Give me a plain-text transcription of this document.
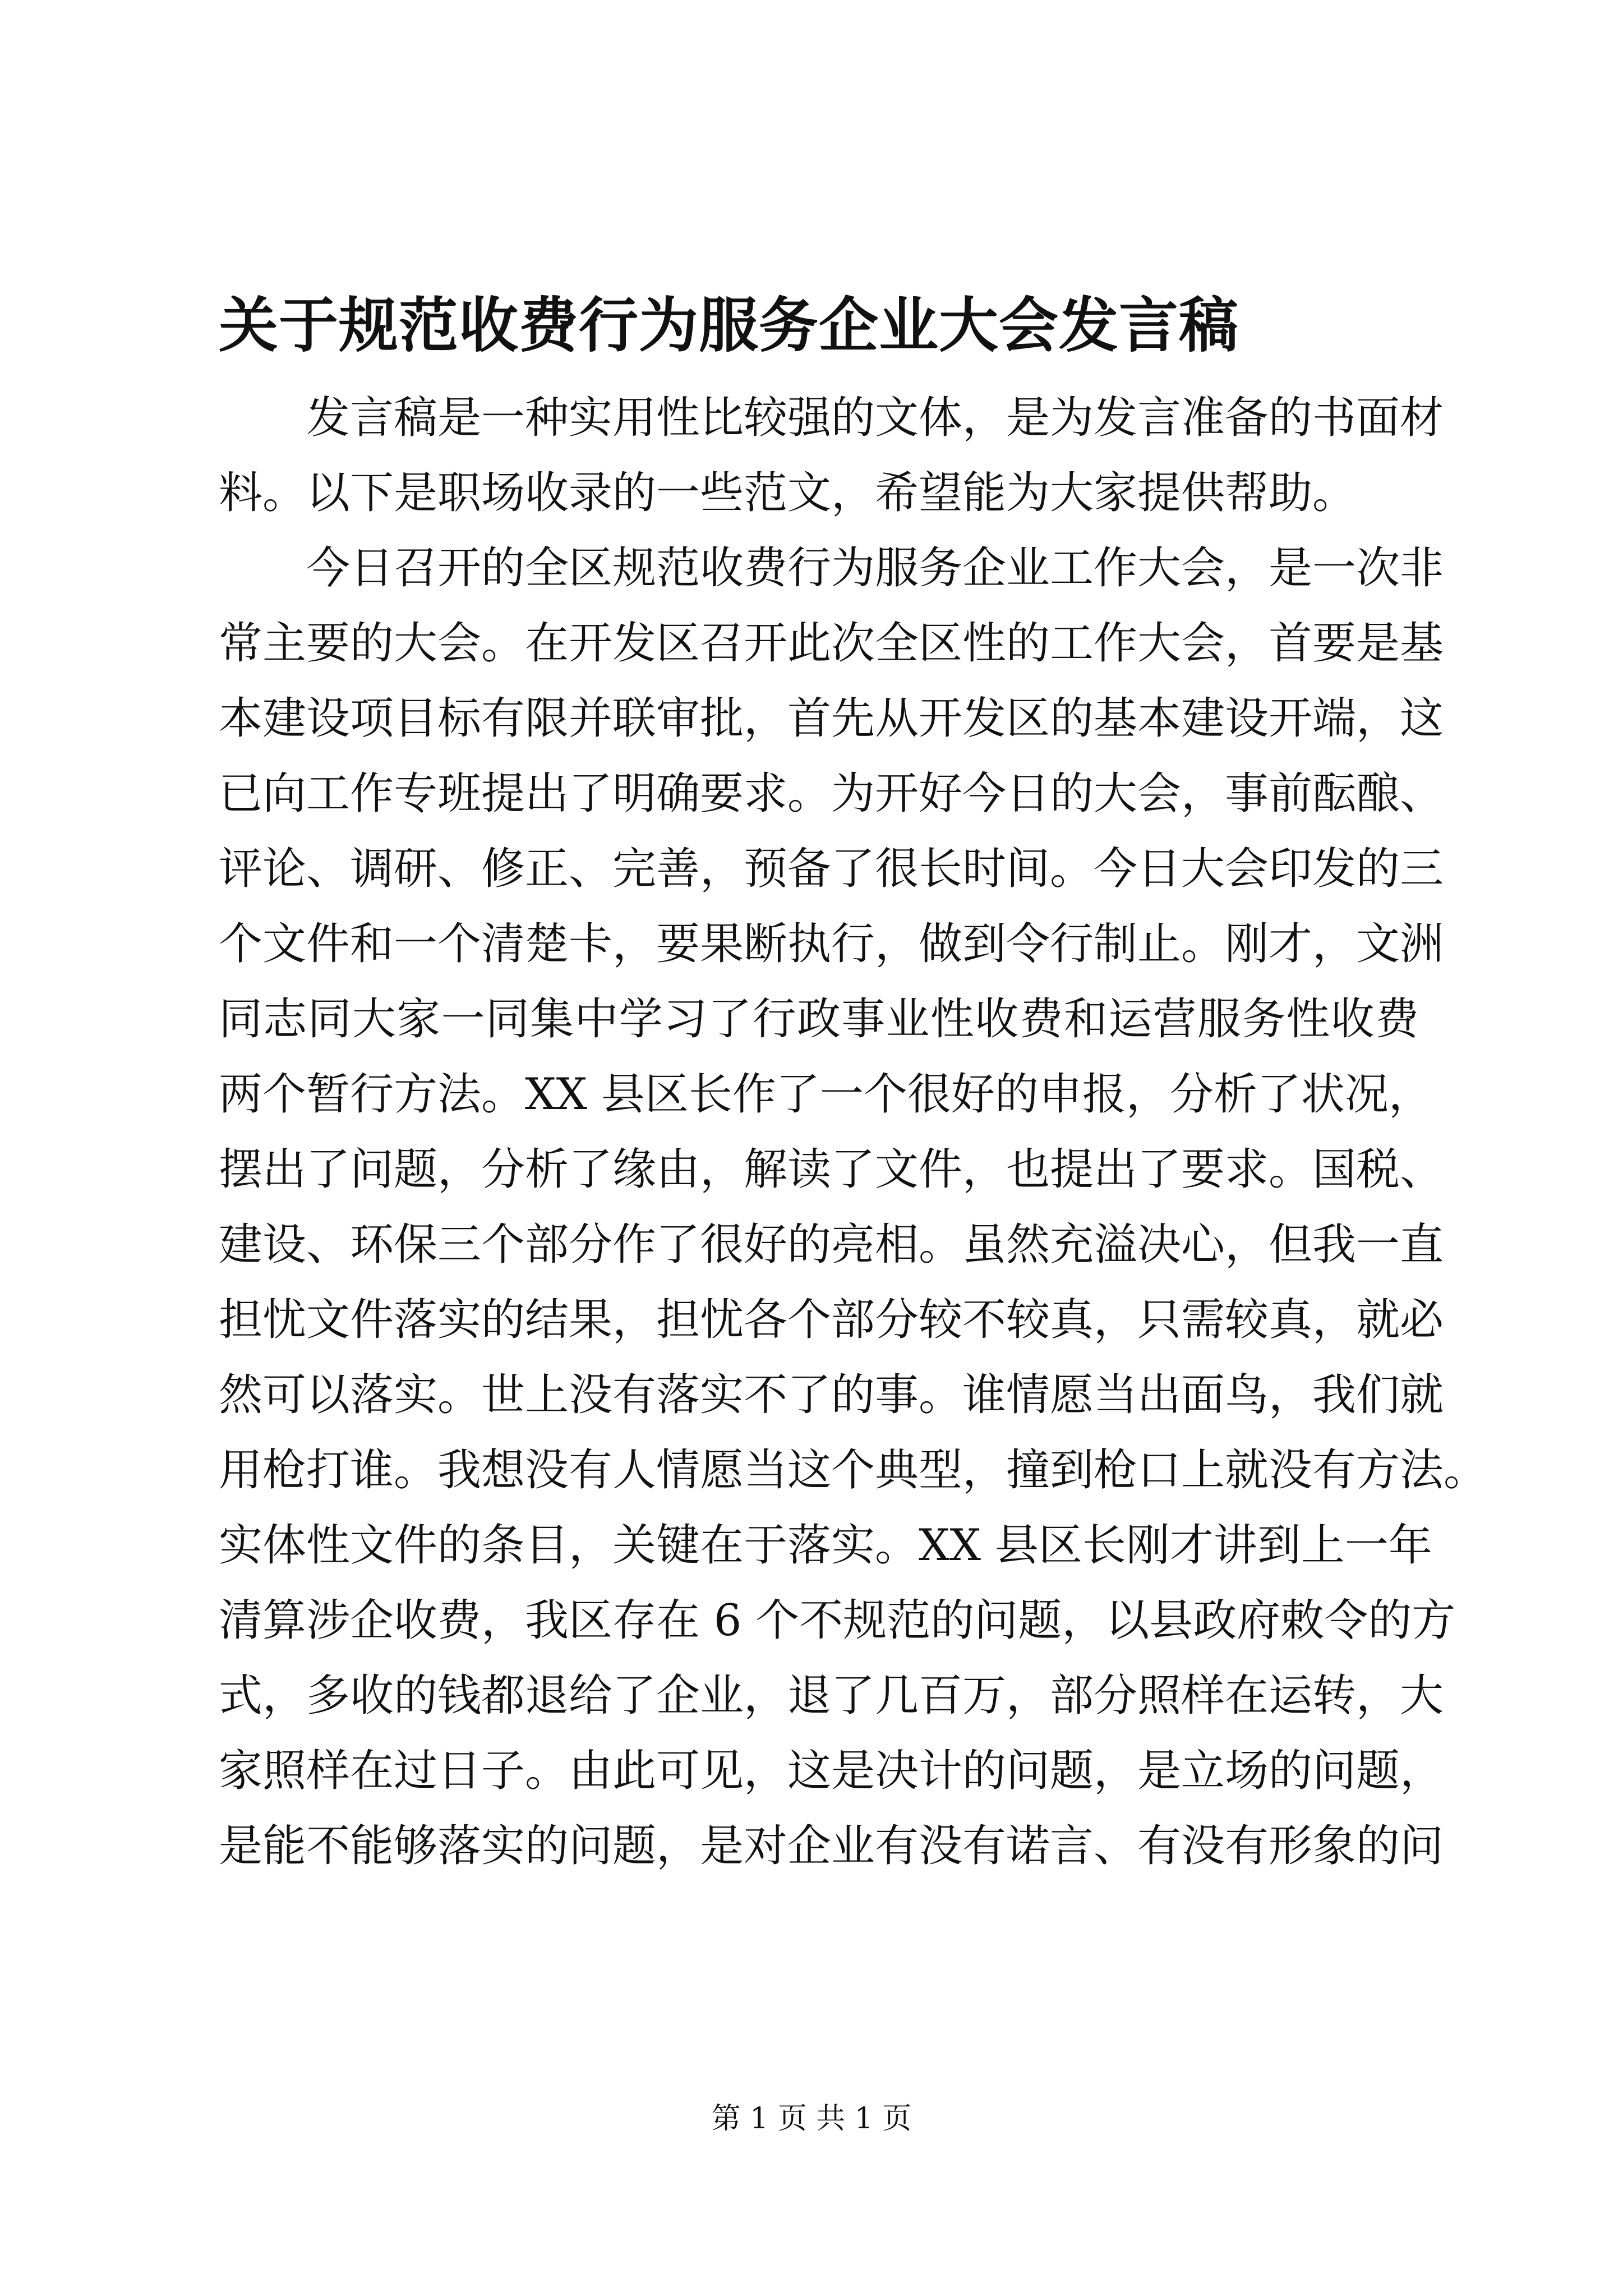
关于规范收费行为服务企业大会发言稿
　　发言稿是一种实用性比较强的文体，是为发言准备的书面材
料。以下是职场收录的一些范文，希望能为大家提供帮助。
　　今日召开的全区规范收费行为服务企业工作大会，是一次非
常主要的大会。在开发区召开此次全区性的工作大会，首要是基
本建设项目标有限并联审批，首先从开发区的基本建设开端，这
已向工作专班提出了明确要求。为开好今日的大会，事前酝酿、
评论、调研、修正、完善，预备了很长时间。今日大会印发的三
个文件和一个清楚卡，要果断执行，做到令行制止。刚才，文洲
同志同大家一同集中学习了行政事业性收费和运营服务性收费
两个暂行方法。XX 县区长作了一个很好的申报，分析了状况，
摆出了问题，分析了缘由，解读了文件，也提出了要求。国税、
建设、环保三个部分作了很好的亮相。虽然充溢决心，但我一直
担忧文件落实的结果，担忧各个部分较不较真，只需较真，就必
然可以落实。世上没有落实不了的事。谁情愿当出面鸟，我们就
用枪打谁。我想没有人情愿当这个典型，撞到枪口上就没有方法。
实体性文件的条目，关键在于落实。XX 县区长刚才讲到上一年
清算涉企收费，我区存在 6 个不规范的问题，以县政府敕令的方
式，多收的钱都退给了企业，退了几百万，部分照样在运转，大
家照样在过日子。由此可见，这是决计的问题，是立场的问题，
是能不能够落实的问题，是对企业有没有诺言、有没有形象的问
第 1 页 共 1 页
